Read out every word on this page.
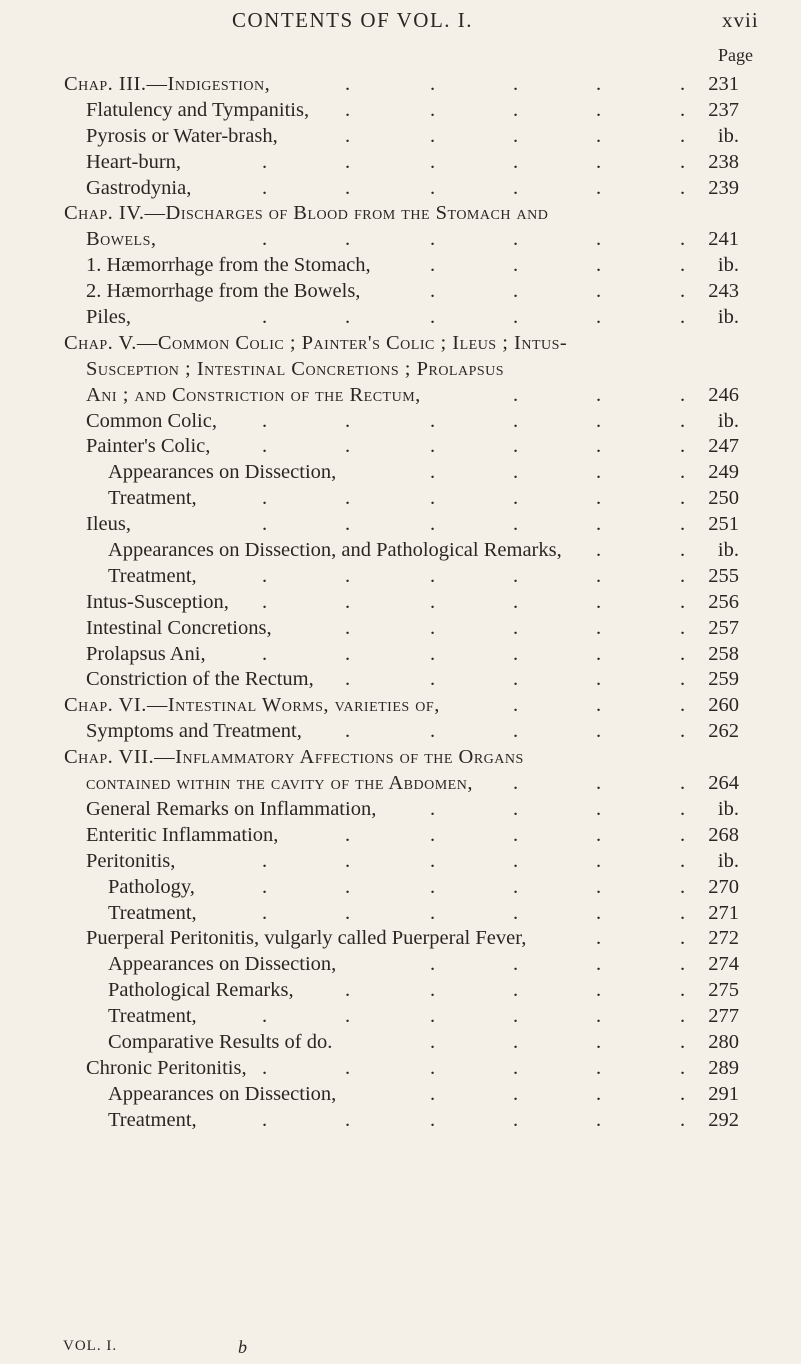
CONTENTS OF VOL. I.	xvii
Page
Chap. III.—Indigestion,	231
.	.	.	.	.
Flatulency and Tympanitis,	237
.	.	.	.	.
Pyrosis or Water-brash,	ib.
.	.	.	.	.
Heart-burn,	238
.	.	.	.	.	.
Gastrodynia,	239
.	.	.	.	.	.
Chap. IV.—Discharges of Blood from the Stomach and
Bowels,	241
.	.	.	.	.	.
1. Hæmorrhage from the Stomach,	ib.
.	.	.	.
2. Hæmorrhage from the Bowels,	243
.	.	.	.
Piles,	ib.
.	.	.	.	.	.
Chap. V.—Common Colic ; Painter's Colic ; Ileus ; Intus-
Susception ; Intestinal Concretions ; Prolapsus
Ani ; and Constriction of the Rectum,	246
.	.	.
Common Colic,	ib.
.	.	.	.	.	.
Painter's Colic,	247
.	.	.	.	.	.
Appearances on Dissection,	249
.	.	.	.
Treatment,	250
.	.	.	.	.	.
Ileus,	251
.	.	.	.	.	.
Appearances on Dissection, and Pathological Remarks,	ib.
.	.
Treatment,	255
.	.	.	.	.	.
Intus-Susception,	256
.	.	.	.	.	.
Intestinal Concretions,	257
.	.	.	.	.
Prolapsus Ani,	258
.	.	.	.	.	.
Constriction of the Rectum,	259
.	.	.	.	.
Chap. VI.—Intestinal Worms, varieties of,	260
.	.	.
Symptoms and Treatment,	262
.	.	.	.	.
Chap. VII.—Inflammatory Affections of the Organs
contained within the cavity of the Abdomen,	264
.	.	.
General Remarks on Inflammation,	ib.
.	.	.	.
Enteritic Inflammation,	268
.	.	.	.	.
Peritonitis,	ib.
.	.	.	.	.	.
Pathology,	270
.	.	.	.	.	.
Treatment,	271
.	.	.	.	.	.
Puerperal Peritonitis, vulgarly called Puerperal Fever,	272
.	.
Appearances on Dissection,	274
.	.	.	.
Pathological Remarks,	275
.	.	.	.	.
Treatment,	277
.	.	.	.	.	.
Comparative Results of do.	280
.	.	.	.
Chronic Peritonitis,	289
.	.	.	.	.	.
Appearances on Dissection,	291
.	.	.	.
Treatment,	292
.	.	.	.	.	.
VOL. I.	b
